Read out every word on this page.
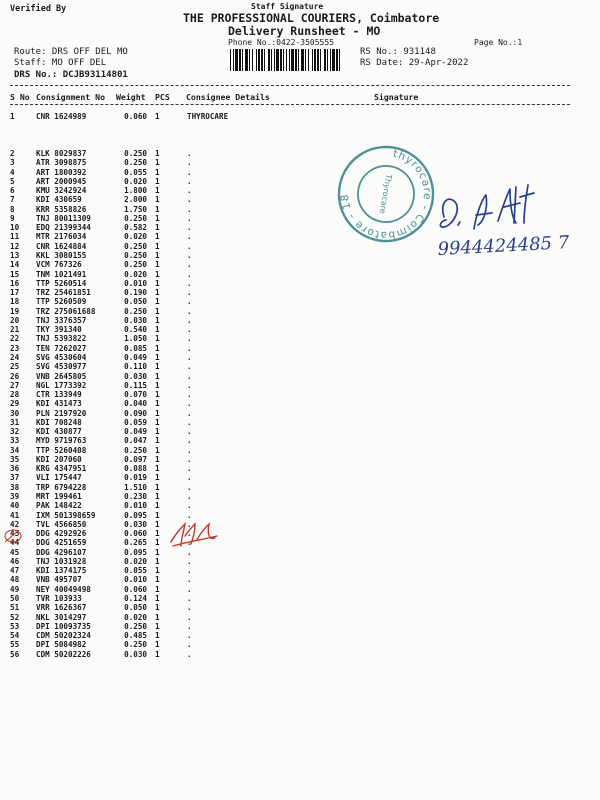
Verified By	Staff Signature
THE PROFESSIONAL COURIERS, Coimbatore
Delivery Runsheet - MO
Phone No.:0422-3505555	Page No.:1
Route: DRS OFF DEL MO
Staff: MO OFF DEL
DRS No.: DCJB93114801
RS No.: 931148
RS Date: 29-Apr-2022
S No Consignment No Weight PCS Consignee Details	Signature
1	CNR 1624989	0.060 1	THYROCARE
2	KLK 8029837	0.250 1	.
3	ATR 3098875	0.250 1	.
4	ART 1800392	0.055 1	.
5	ART 2000945	0.020 1	.
6	KMU 3242924	1.800 1	.
7	KDI 430659	2.000 1	.
8	KRR 5358826	1.750 1	.
9	TNJ 80011309	0.250 1	.
10 EDQ 21399344	0.582 1	.
11 MTR 2176034	0.020 1	.
12 CNR 1624884	0.250 1	.
13 KKL 3080155	0.250 1	.
14 VCM 767326	0.250 1	.
15 TNM 1021491	0.020 1	.
16 TTP 5260514	0.010 1	.
17 TRZ 25461851	0.190 1	.
18 TTP 5260509	0.050 1	.
19 TRZ 275061688	0.250 1	.
20 TNJ 3376357	0.030 1	.
21 TKY 391340	0.540 1	.
22 TNJ 5393822	1.050 1	.
23 TEN 7262027	0.085 1	.
24 SVG 4530604	0.049 1	.
25 SVG 4530977	0.110 1	.
26 VNB 2645805	0.030 1	.
27 NGL 1773392	0.115 1	.
28 CTR 133949	0.070 1	.
29 KDI 431473	0.040 1	.
30 PLN 2197920	0.090 1	.
31 KDI 708248	0.059 1	.
32 KDI 430877	0.049 1	.
33 MYD 9719763	0.047 1	.
34 TTP 5260408	0.250 1	.
35 KDI 207060	0.097 1	.
36 KRG 4347951	0.088 1	.
37 VLI 175447	0.019 1	.
38 TRP 6794228	1.510 1	.
39 MRT 199461	0.230 1	.
40 PAK 148422	0.010 1	.
41 IXM 501398659	0.095 1	.
42 TVL 4566850	0.030 1	.
43 DDG 4292926	0.060 1	.
44 DDG 4251659	0.265 1	.
45 DDG 4296107	0.095 1	.
46 TNJ 1031928	0.020 1	.
47 KDI 1374175	0.055 1	.
48 VNB 495707	0.010 1	.
49 NEY 40049498	0.060 1	.
50 TVR 103933	0.124 1	.
51 VRR 1626367	0.050 1	.
52 NKL 3014297	0.020 1	.
53 DPI 10093735	0.250 1	.
54 CDM 50202324	0.485 1	.
55 DPI 5084982	0.250 1	.
56 CDM 50202226	0.030 1	.
thyrocare - Coimbatore - 18	Thyrocare
9944424485 7
